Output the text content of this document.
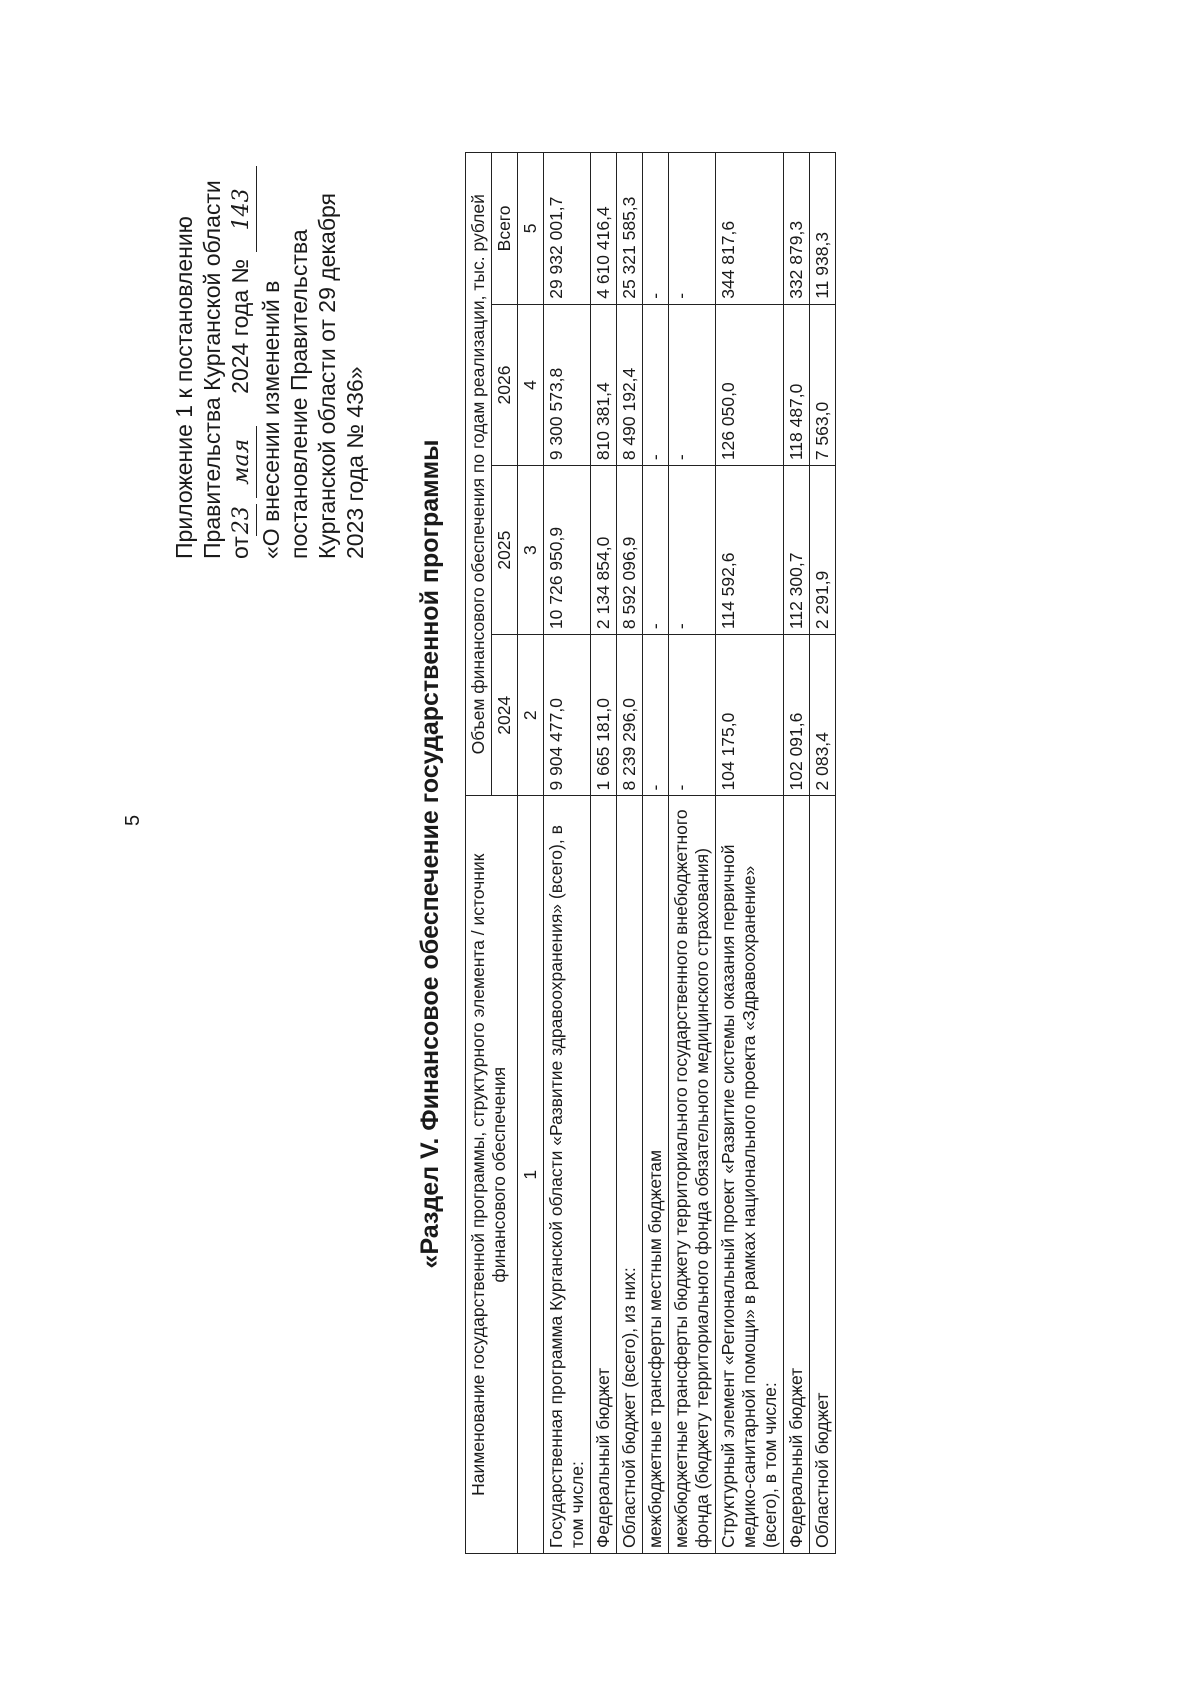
5
Приложение 1 к постановлению Правительства Курганской области от23 мая     2024 года № 143
«О внесении изменений в постановление Правительства Курганской области от 29 декабря 2023 года № 436» «Раздел V. Финансовое обеспечение государственной программы Наименование государственной программы, структурного элемента / источник финансового обеспечения	Объем финансового обеспечения по годам реализации, тыс. рублей			
	2024	2025	2026	Всего
1	2	3	4	5
Государственная программа Курганской области «Развитие здравоохранения» (всего), в том числе:	9 904 477,0	10 726 950,9	9 300 573,8	29 932 001,7
Федеральный бюджет	1 665 181,0	2 134 854,0	810 381,4	4 610 416,4
Областной бюджет (всего), из них:	8 239 296,0	8 592 096,9	8 490 192,4	25 321 585,3
межбюджетные трансферты местным бюджетам	-	-	-	-
межбюджетные трансферты бюджету территориального государственного внебюджетного фонда (бюджету территориального фонда обязательного медицинского страхования)	-	-	-	-
Структурный элемент «Региональный проект «Развитие системы оказания первичной медико-санитарной помощи» в рамках национального проекта «Здравоохранение» (всего), в том числе:	104 175,0	114 592,6	126 050,0	344 817,6
Федеральный бюджет	102 091,6	112 300,7	118 487,0	332 879,3
Областной бюджет	2 083,4	2 291,9	7 563,0	11 938,3
